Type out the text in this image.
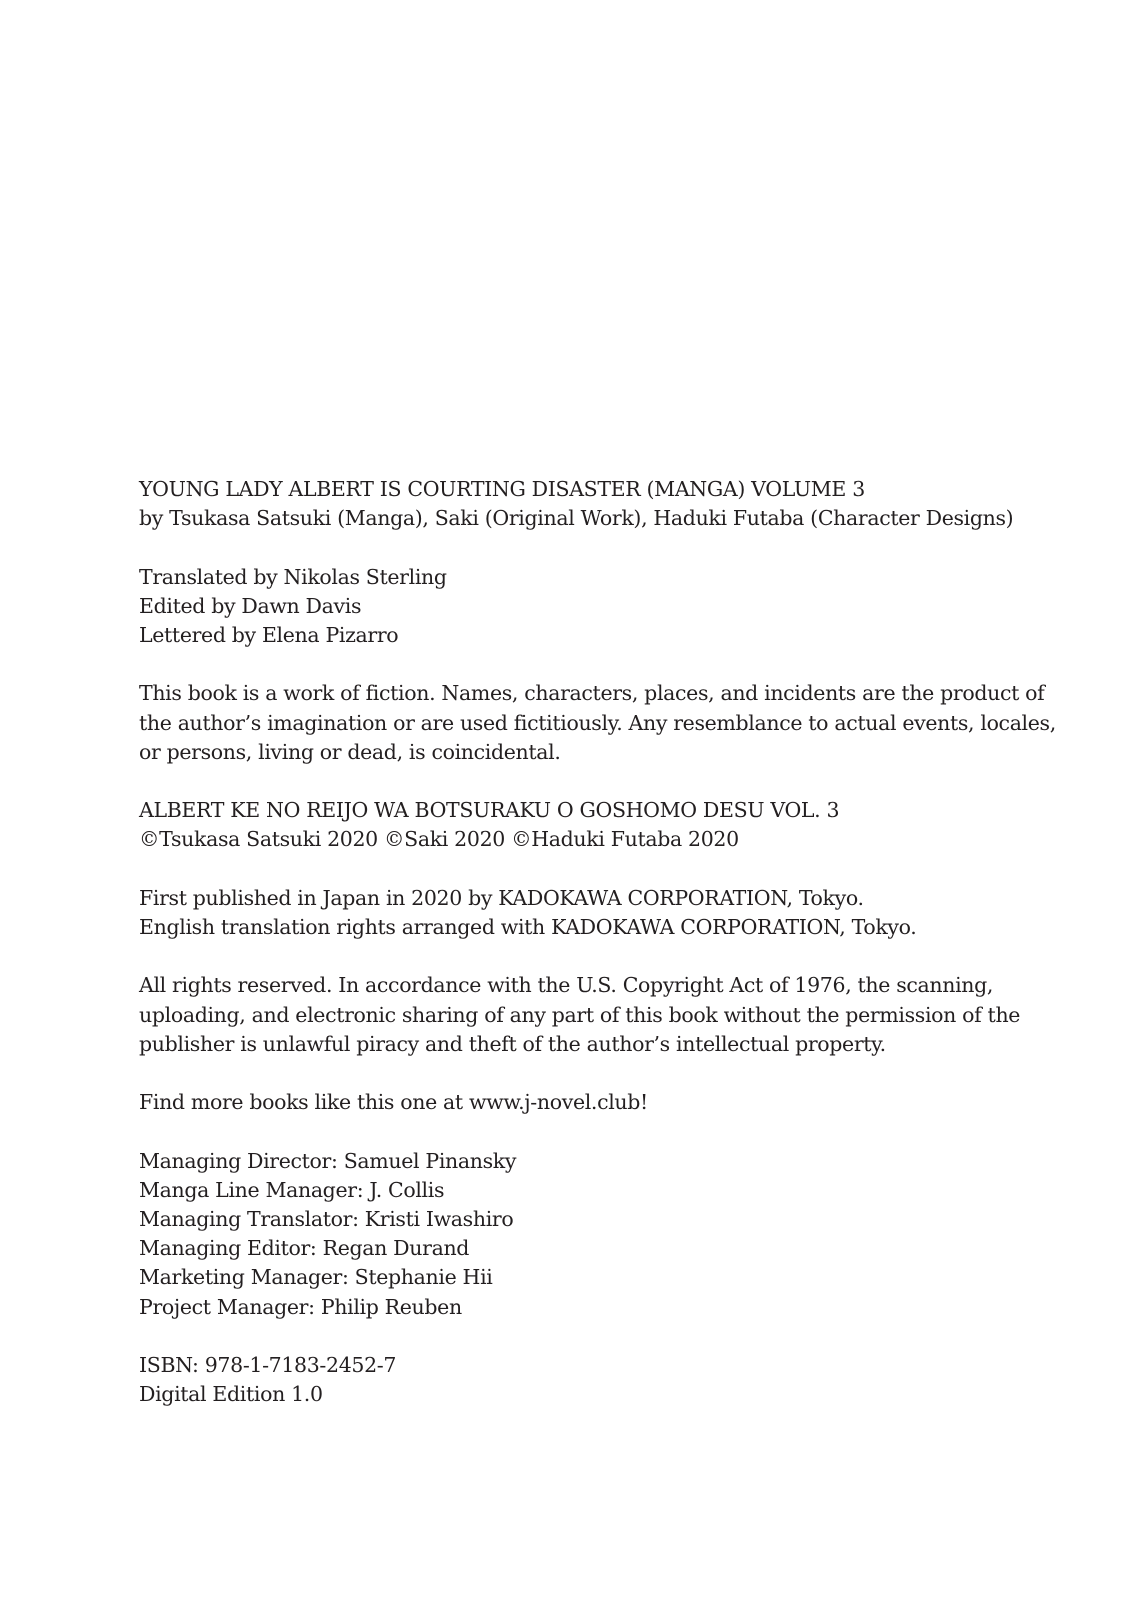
YOUNG LADY ALBERT IS COURTING DISASTER (MANGA) VOLUME 3
by Tsukasa Satsuki (Manga), Saki (Original Work), Haduki Futaba (Character Designs)

Translated by Nikolas Sterling
Edited by Dawn Davis
Lettered by Elena Pizarro

This book is a work of fiction. Names, characters, places, and incidents are the product of
the author’s imagination or are used fictitiously. Any resemblance to actual events, locales,
or persons, living or dead, is coincidental.

ALBERT KE NO REIJO WA BOTSURAKU O GOSHOMO DESU VOL. 3
©Tsukasa Satsuki 2020 ©Saki 2020 ©Haduki Futaba 2020

First published in Japan in 2020 by KADOKAWA CORPORATION, Tokyo.
English translation rights arranged with KADOKAWA CORPORATION, Tokyo.

All rights reserved. In accordance with the U.S. Copyright Act of 1976, the scanning,
uploading, and electronic sharing of any part of this book without the permission of the
publisher is unlawful piracy and theft of the author’s intellectual property.

Find more books like this one at www.j-novel.club!

Managing Director: Samuel Pinansky
Manga Line Manager: J. Collis
Managing Translator: Kristi Iwashiro
Managing Editor: Regan Durand
Marketing Manager: Stephanie Hii
Project Manager: Philip Reuben

ISBN: 978-1-7183-2452-7
Digital Edition 1.0
